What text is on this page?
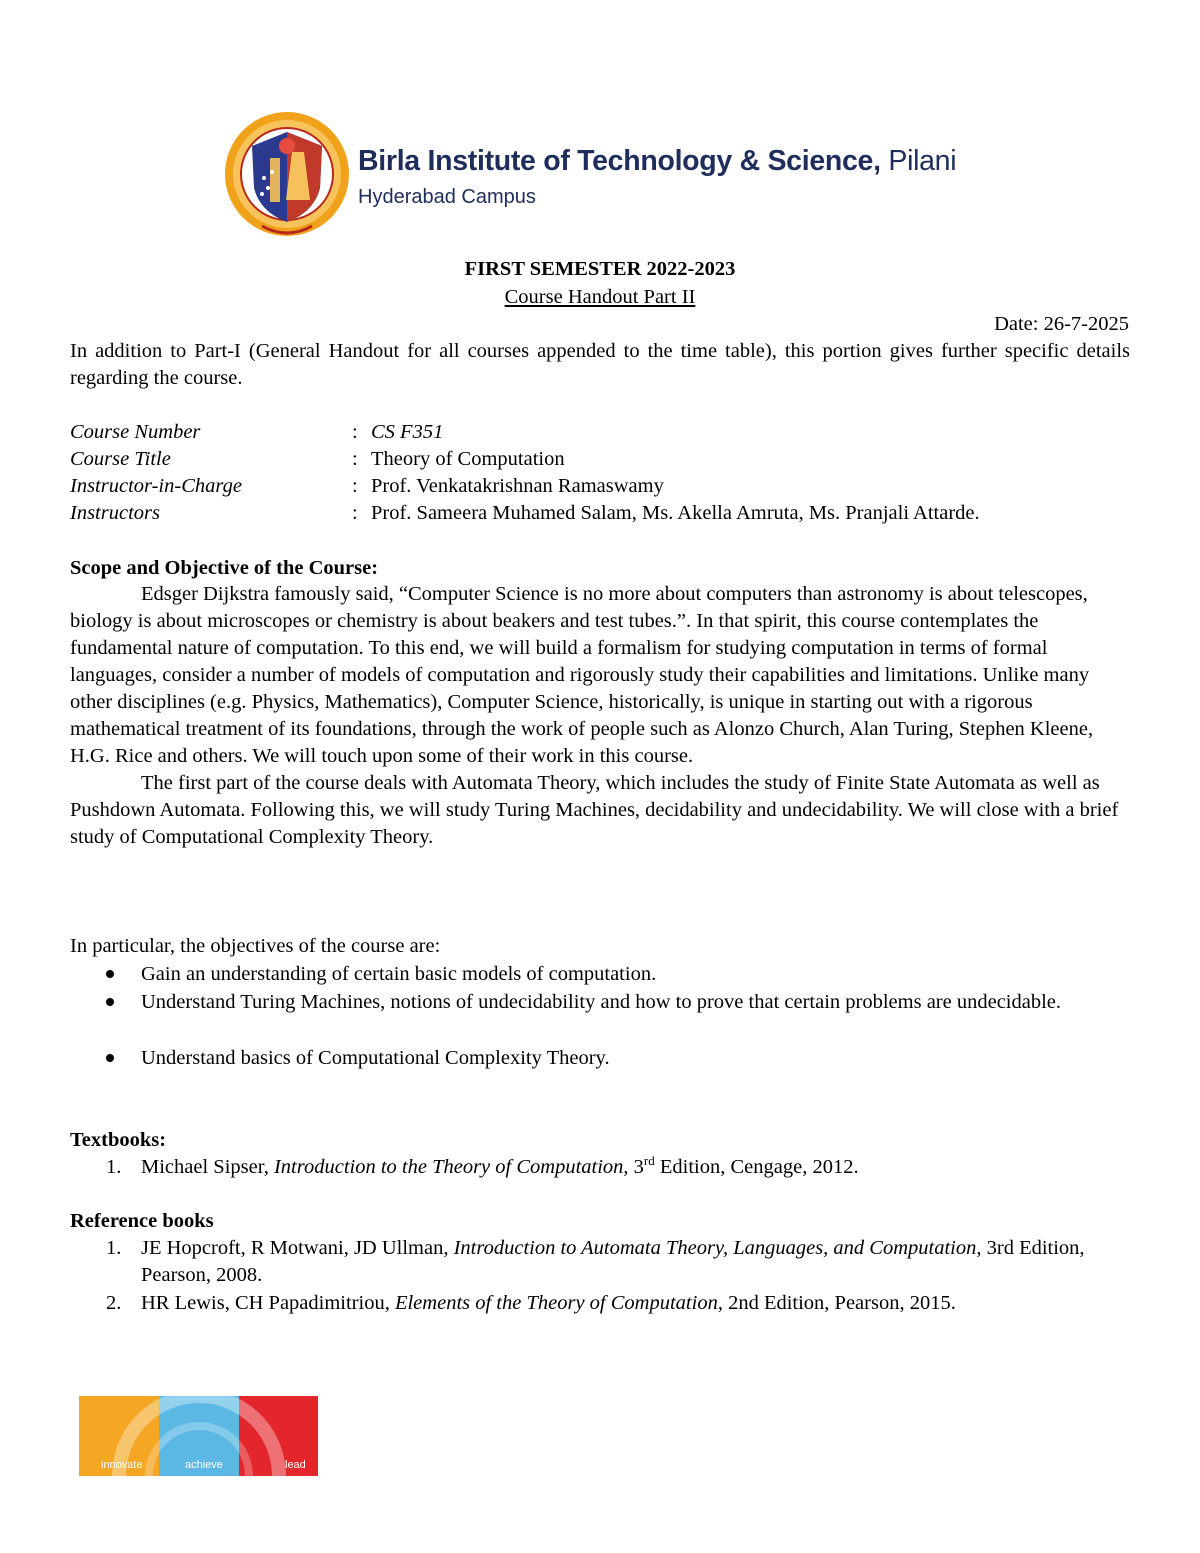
Birla Institute of Technology & Science, Pilani
Hyderabad Campus
FIRST SEMESTER 2022-2023
Course Handout Part II
Date: 26-7-2025
In addition to Part-I (General Handout for all courses appended to the time table), this portion gives further specific details regarding the course.
Course Number	: CS F351
Course Title	: Theory of Computation
Instructor-in-Charge	: Prof. Venkatakrishnan Ramaswamy
Instructors	: Prof. Sameera Muhamed Salam, Ms. Akella Amruta, Ms. Pranjali Attarde.
Scope and Objective of the Course:

Edsger Dijkstra famously said, “Computer Science is no more about computers than astronomy is about telescopes, biology is about microscopes or chemistry is about beakers and test tubes.”. In that spirit, this course contemplates the fundamental nature of computation. To this end, we will build a formalism for studying computation in terms of formal languages, consider a number of models of computation and rigorously study their capabilities and limitations. Unlike many other disciplines (e.g. Physics, Mathematics), Computer Science, historically, is unique in starting out with a rigorous mathematical treatment of its foundations, through the work of people such as Alonzo Church, Alan Turing, Stephen Kleene, H.G. Rice and others. We will touch upon some of their work in this course.

The first part of the course deals with Automata Theory, which includes the study of Finite State Automata as well as Pushdown Automata. Following this, we will study Turing Machines, decidability and undecidability. We will close with a brief study of Computational Complexity Theory.

In particular, the objectives of the course are:
Gain an understanding of certain basic models of computation.
Understand Turing Machines, notions of undecidability and how to prove that certain problems are undecidable.
Understand basics of Computational Complexity Theory.
Textbooks:
1. Michael Sipser, Introduction to the Theory of Computation, 3rd Edition, Cengage, 2012.
Reference books
1. JE Hopcroft, R Motwani, JD Ullman, Introduction to Automata Theory, Languages, and Computation, 3rd Edition, Pearson, 2008.
2. HR Lewis, CH Papadimitriou, Elements of the Theory of Computation, 2nd Edition, Pearson, 2015.
innovate	achieve	lead
